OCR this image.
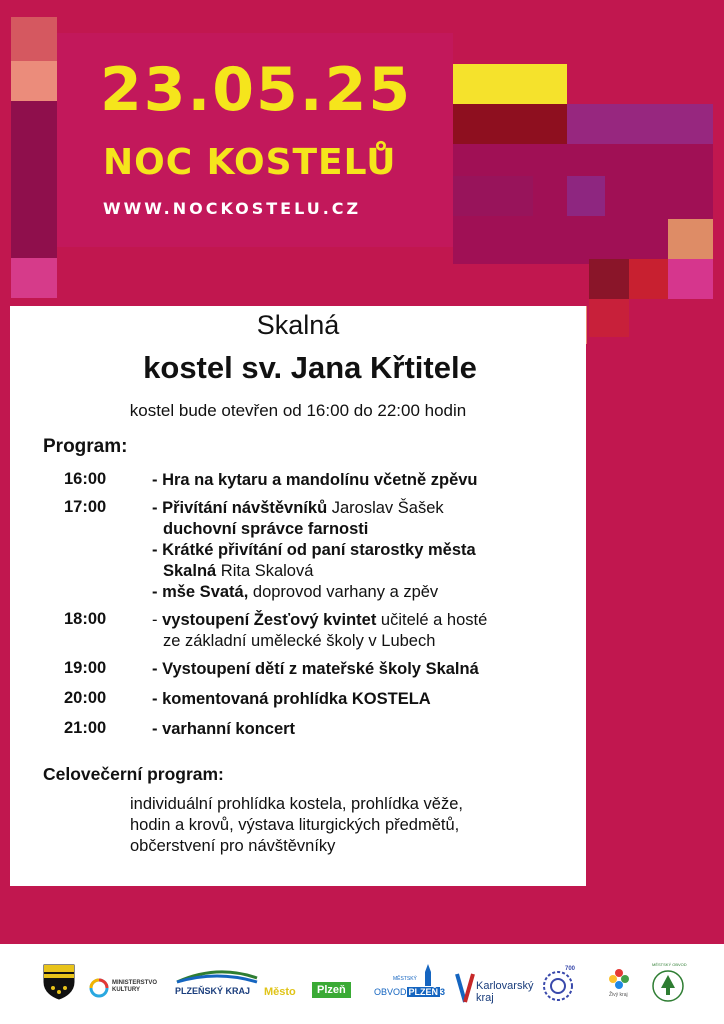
23.05.25
NOC KOSTELŮ
WWW.NOCKOSTELU.CZ
Skalná
kostel sv. Jana Křtitele
kostel bude otevřen od 16:00 do 22:00 hodin
Program:
16:00	- Hra na kytaru a mandolínu včetně zpěvu
17:00	- Přivítání návštěvníků Jaroslav Šašek
duchovní správce farnosti
- Krátké přivítání od paní starostky města
Skalná Rita Skalová
- mše Svatá, doprovod varhany a zpěv
18:00	- vystoupení Žesťový kvintet učitelé a hosté
ze základní umělecké školy v Lubech
19:00	- Vystoupení dětí z mateřské školy Skalná
20:00	- komentovaná prohlídka KOSTELA
21:00	- varhanní koncert
Celovečerní program:
individuální prohlídka kostela, prohlídka věže,
hodin a krovů, výstava liturgických předmětů,
občerstvení pro návštěvníky
MINISTERSTVO
KULTURY	PLZEŇSKÝ KRAJ Město	Plzeň
MĚSTSKÝ
OBVOD PLZEŇ 3	Karlovarský
kraj
700
Živý kraj
MĚSTSKÝ OBVOD
